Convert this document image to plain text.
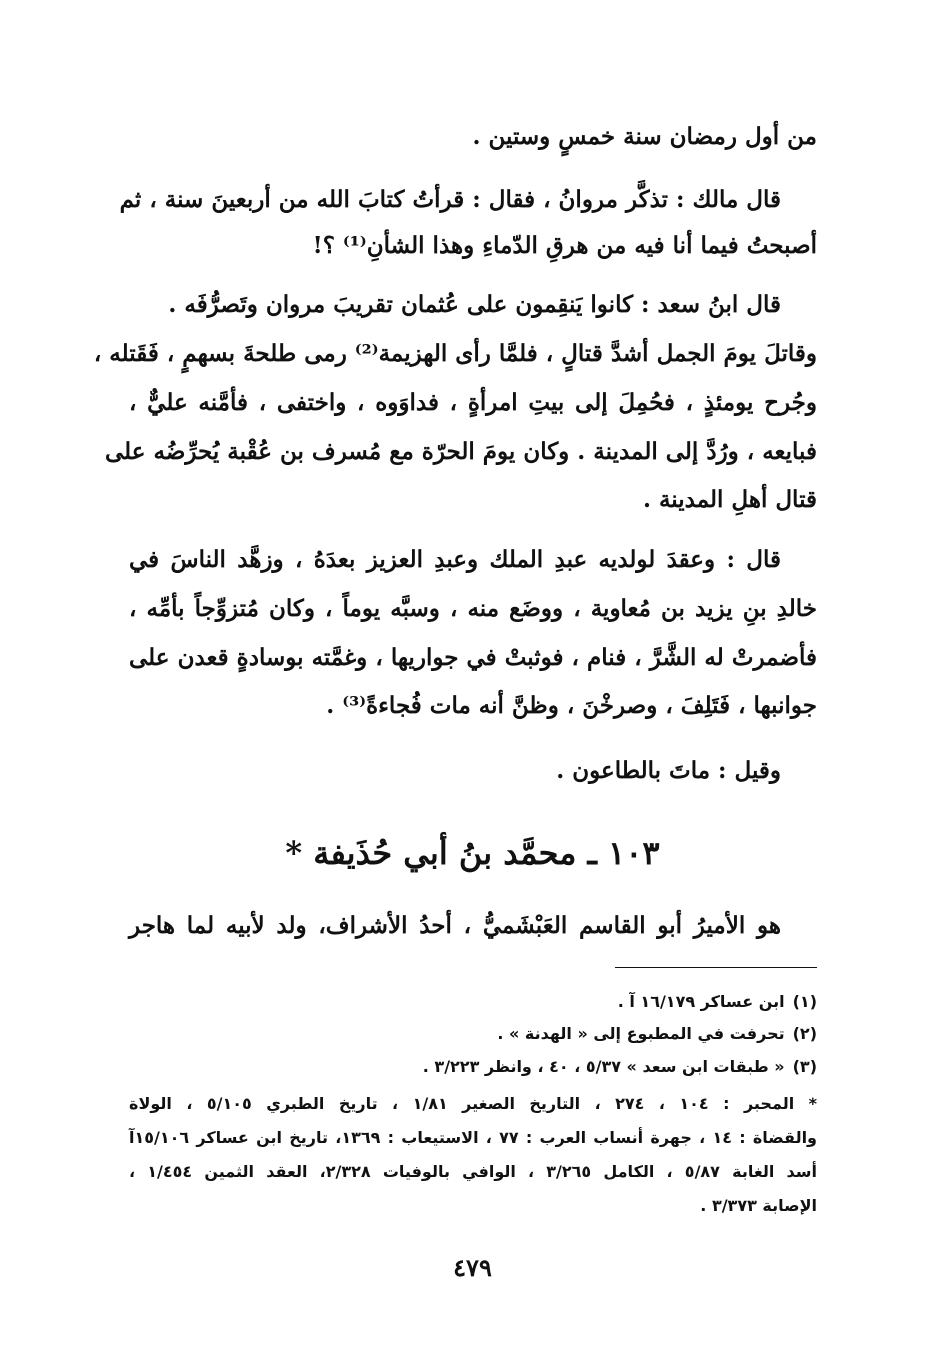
من أول رمضان سنة خمسٍ وستين .
قال مالك : تذكَّر مروانُ ، فقال : قرأتُ كتابَ الله من أربعينَ سنة ، ثم
أصبحتُ فيما أنا فيه من هرقِ الدّماءِ وهذا الشأنِ⁽¹⁾ ؟!
قال ابنُ سعد : كانوا يَنقِمون على عُثمان تقريبَ مروان وتَصرُّفَه .
وقاتلَ يومَ الجمل أشدَّ قتالٍ ، فلمَّا رأى الهزيمة⁽²⁾ رمى طلحةَ بسهمٍ ، فَقَتله ،
وجُرح يومئذٍ ، فحُمِلَ إلى بيتِ امرأةٍ ، فداوَوه ، واختفى ، فأمَّنه عليٌّ ،
فبايعه ، ورُدَّ إلى المدينة . وكان يومَ الحرّة مع مُسرف بن عُقْبة يُحرِّضُه على
قتال أهلِ المدينة .
قال : وعقدَ لولديه عبدِ الملك وعبدِ العزيز بعدَهُ ، وزهَّد الناسَ في
خالدِ بنِ يزيد بن مُعاوية ، ووضَع منه ، وسبَّه يوماً ، وكان مُتزوِّجاً بأمِّه ،
فأضمرتْ له الشَّرَّ ، فنام ، فوثبتْ في جواريها ، وغمَّته بوسادةٍ قعدن على
جوانبها ، فَتَلِفَ ، وصرخْنَ ، وظنَّ أنه مات فُجاءةً⁽³⁾ .
وقيل : ماتَ بالطاعون .
١٠٣ ـ محمَّد بنُ أبي حُذَيفة *
هو الأميرُ أبو القاسم العَبْشَميُّ ، أحدُ الأشراف، ولد لأبيه لما هاجر
(١)ابن عساكر ١٦/١٧٩ آ .
(٢)تحرفت في المطبوع إلى « الهدنة » .
(٣)« طبقات ابن سعد » ٥/٣٧ ، ٤٠ ، وانظر ٣/٢٢٣ .
* المحبر : ١٠٤ ، ٢٧٤ ، التاريخ الصغير ١/٨١ ، تاريخ الطبري ٥/١٠٥ ، الولاة
والقضاة : ١٤ ، جهرة أنساب العرب : ٧٧ ، الاستيعاب : ١٣٦٩، تاريخ ابن عساكر ١٥/١٠٦آ
أسد الغابة ٥/٨٧ ، الكامل ٣/٢٦٥ ، الوافي بالوفيات ٢/٣٢٨، العقد الثمين ١/٤٥٤ ،
الإصابة ٣/٣٧٣ .
٤٧٩
